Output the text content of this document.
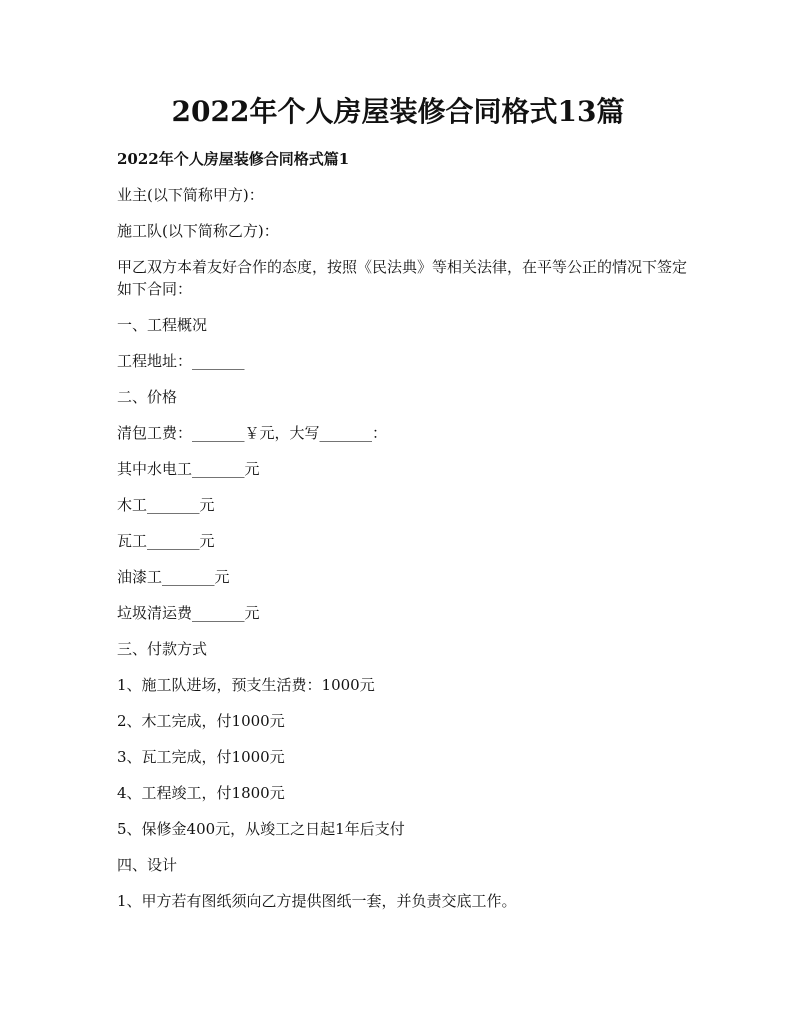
2022年个人房屋装修合同格式13篇

2022年个人房屋装修合同格式篇1

业主(以下简称甲方)：

施工队(以下简称乙方)：

甲乙双方本着友好合作的态度，按照《民法典》等相关法律，在平等公正的情况下签定如下合同：

一、工程概况

工程地址：_______

二、价格

清包工费：_______￥元，大写_______：

其中水电工_______元

木工_______元

瓦工_______元

油漆工_______元

垃圾清运费_______元

三、付款方式

1、施工队进场，预支生活费：1000元

2、木工完成，付1000元

3、瓦工完成，付1000元

4、工程竣工，付1800元

5、保修金400元，从竣工之日起1年后支付

四、设计

1、甲方若有图纸须向乙方提供图纸一套，并负责交底工作。
